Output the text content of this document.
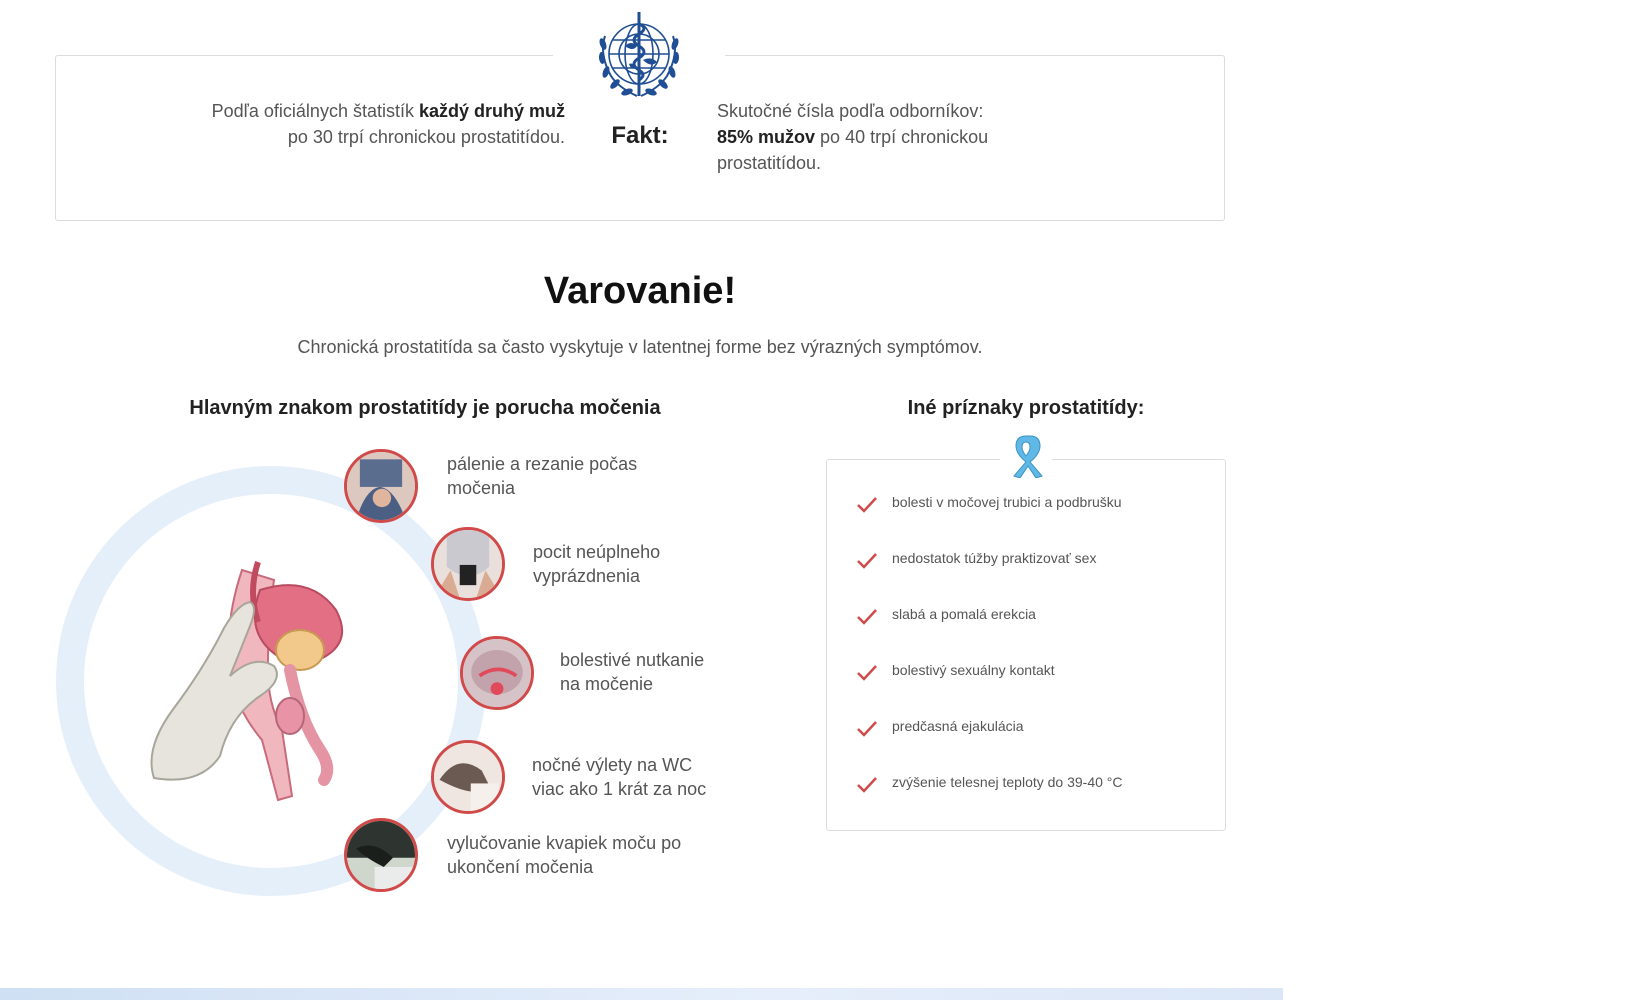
Podľa oficiálnych štatistík každý druhý muž po 30 trpí chronickou prostatitídou.	Fakt:
Skutočné čísla podľa odborníkov: 85% mužov po 40 trpí chronickou prostatitídou.
Varovanie!

Chronická prostatitída sa často vyskytuje v latentnej forme bez výrazných symptómov.

Hlavným znakom prostatitídy je porucha močenia
pálenie a rezanie počas
močenia
pocit neúplneho
vyprázdnenia
bolestivé nutkanie
na močenie
nočné výlety na WC
viac ako 1 krát za noc
vylučovanie kvapiek moču po
ukončení močenia
Iné príznaky prostatitídy:
bolesti v močovej trubici a podbrušku
nedostatok túžby praktizovať sex
slabá a pomalá erekcia
bolestivý sexuálny kontakt
predčasná ejakulácia
zvýšenie telesnej teploty do 39-40 °C
